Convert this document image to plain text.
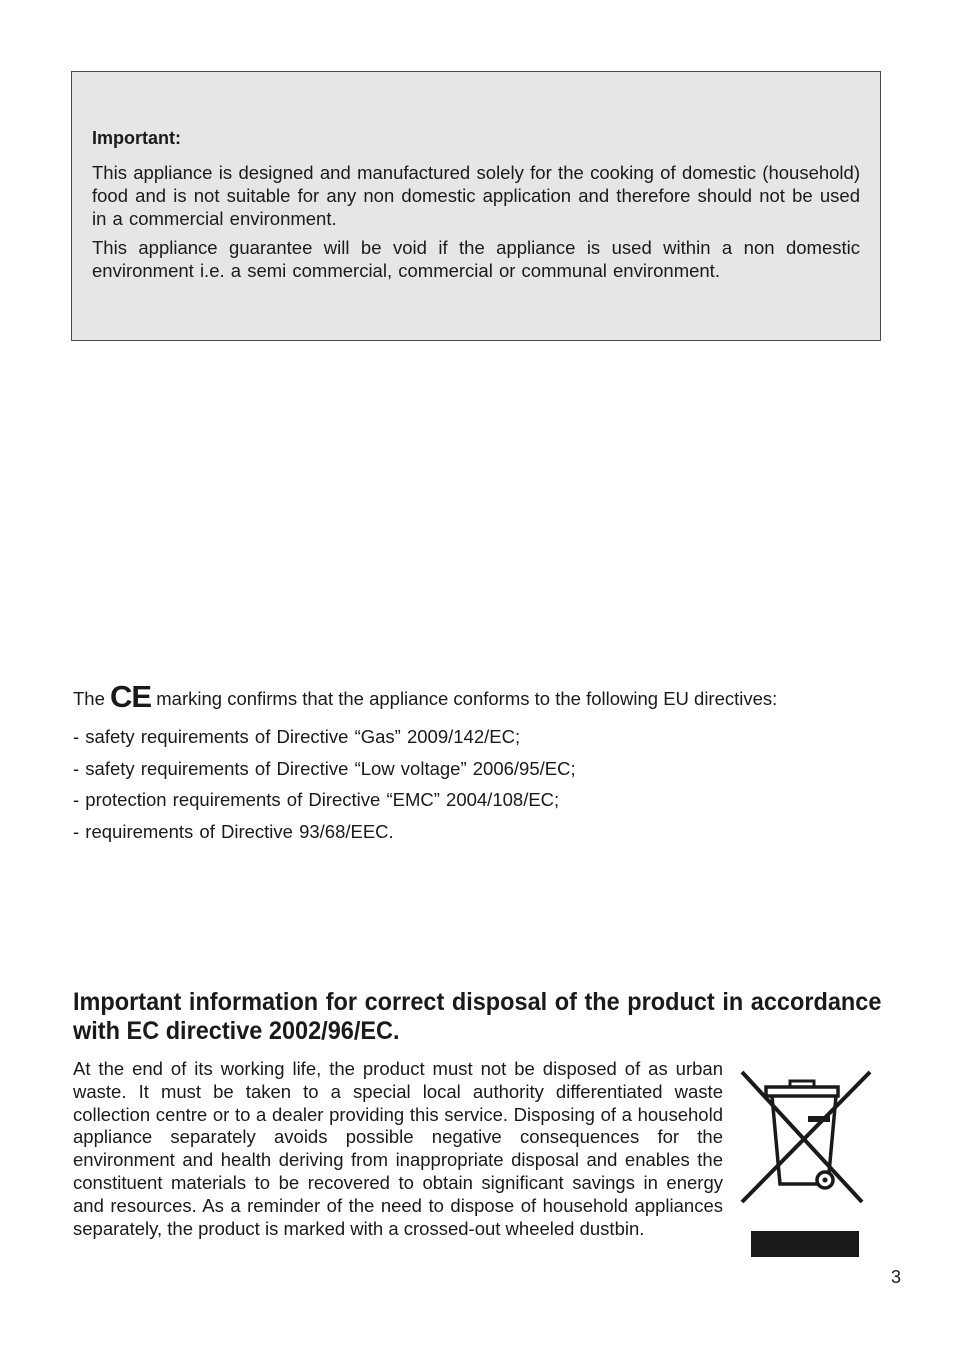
Important:

This appliance is designed and manufactured solely for the cooking of domestic (household) food and is not suitable for any non domestic application and therefore should not be used in a commercial environment.

This appliance guarantee will be void if the appliance is used within a non domestic environment i.e. a semi commercial, commercial or communal environment.

The CE marking confirms that the appliance conforms to the following EU directives:

- safety requirements of Directive “Gas” 2009/142/EC;
- safety requirements of Directive “Low voltage” 2006/95/EC;
- protection requirements of Directive “EMC” 2004/108/EC;
- requirements of Directive 93/68/EEC.
Important information for correct disposal of the product in accordance with EC directive 2002/96/EC.

At the end of its working life, the product must not be disposed of as urban waste. It must be taken to a special local authority differentiated waste collection centre or to a dealer providing this service. Disposing of a household appliance separately avoids possible negative consequences for the environment and health deriving from inappropriate disposal and enables the constituent materials to be recovered to obtain significant savings in energy and resources. As a reminder of the need to dispose of household appliances separately, the product is marked with a crossed-out wheeled dustbin.

3
